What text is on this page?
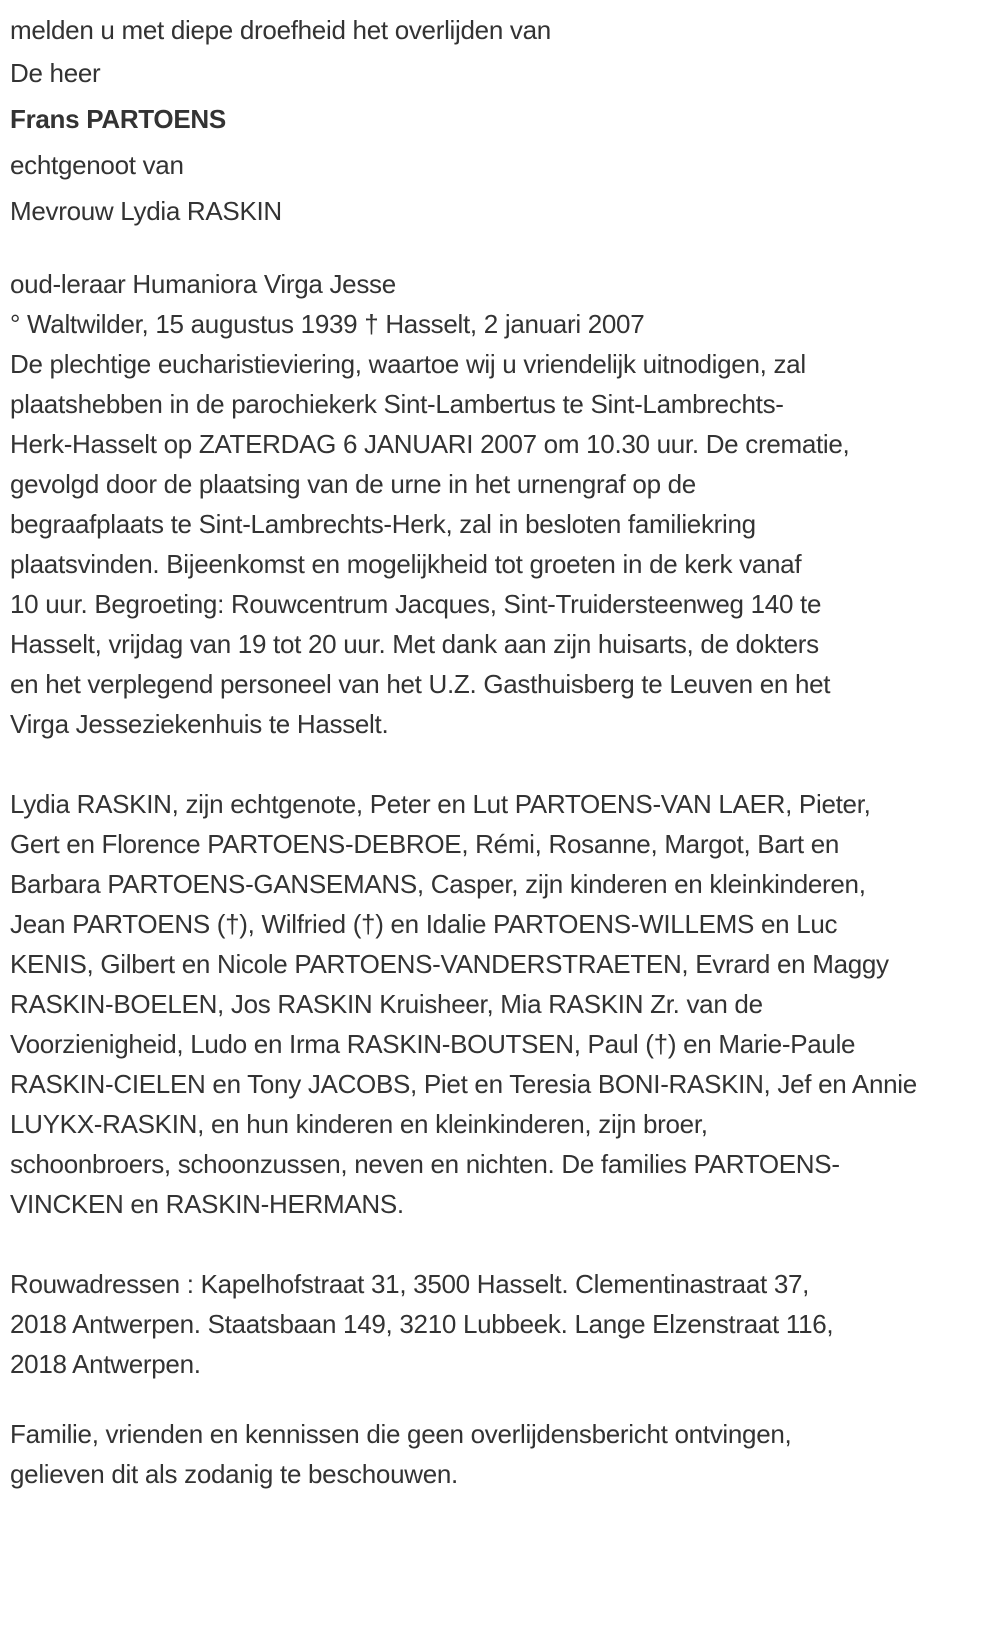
melden u met diepe droefheid het overlijden van

De heer

Frans PARTOENS

echtgenoot van

Mevrouw Lydia RASKIN

oud-leraar Humaniora Virga Jesse

° Waltwilder, 15 augustus 1939 † Hasselt, 2 januari 2007

De plechtige eucharistieviering, waartoe wij u vriendelijk uitnodigen, zal

plaatshebben in de parochiekerk Sint-Lambertus te Sint-Lambrechts-

Herk-Hasselt op ZATERDAG 6 JANUARI 2007 om 10.30 uur. De crematie,

gevolgd door de plaatsing van de urne in het urnengraf op de

begraafplaats te Sint-Lambrechts-Herk, zal in besloten familiekring

plaatsvinden. Bijeenkomst en mogelijkheid tot groeten in de kerk vanaf

10 uur. Begroeting: Rouwcentrum Jacques, Sint-Truidersteenweg 140 te

Hasselt, vrijdag van 19 tot 20 uur. Met dank aan zijn huisarts, de dokters

en het verplegend personeel van het U.Z. Gasthuisberg te Leuven en het

Virga Jesseziekenhuis te Hasselt.

Lydia RASKIN, zijn echtgenote, Peter en Lut PARTOENS-VAN LAER, Pieter,

Gert en Florence PARTOENS-DEBROE, Rémi, Rosanne, Margot, Bart en

Barbara PARTOENS-GANSEMANS, Casper, zijn kinderen en kleinkinderen,

Jean PARTOENS (†), Wilfried (†) en Idalie PARTOENS-WILLEMS en Luc

KENIS, Gilbert en Nicole PARTOENS-VANDERSTRAETEN, Evrard en Maggy

RASKIN-BOELEN, Jos RASKIN Kruisheer, Mia RASKIN Zr. van de

Voorzienigheid, Ludo en Irma RASKIN-BOUTSEN, Paul (†) en Marie-Paule

RASKIN-CIELEN en Tony JACOBS, Piet en Teresia BONI-RASKIN, Jef en Annie

LUYKX-RASKIN, en hun kinderen en kleinkinderen, zijn broer,

schoonbroers, schoonzussen, neven en nichten. De families PARTOENS-

VINCKEN en RASKIN-HERMANS.

Rouwadressen : Kapelhofstraat 31, 3500 Hasselt. Clementinastraat 37,

2018 Antwerpen. Staatsbaan 149, 3210 Lubbeek. Lange Elzenstraat 116,

2018 Antwerpen.

Familie, vrienden en kennissen die geen overlijdensbericht ontvingen,

gelieven dit als zodanig te beschouwen.
